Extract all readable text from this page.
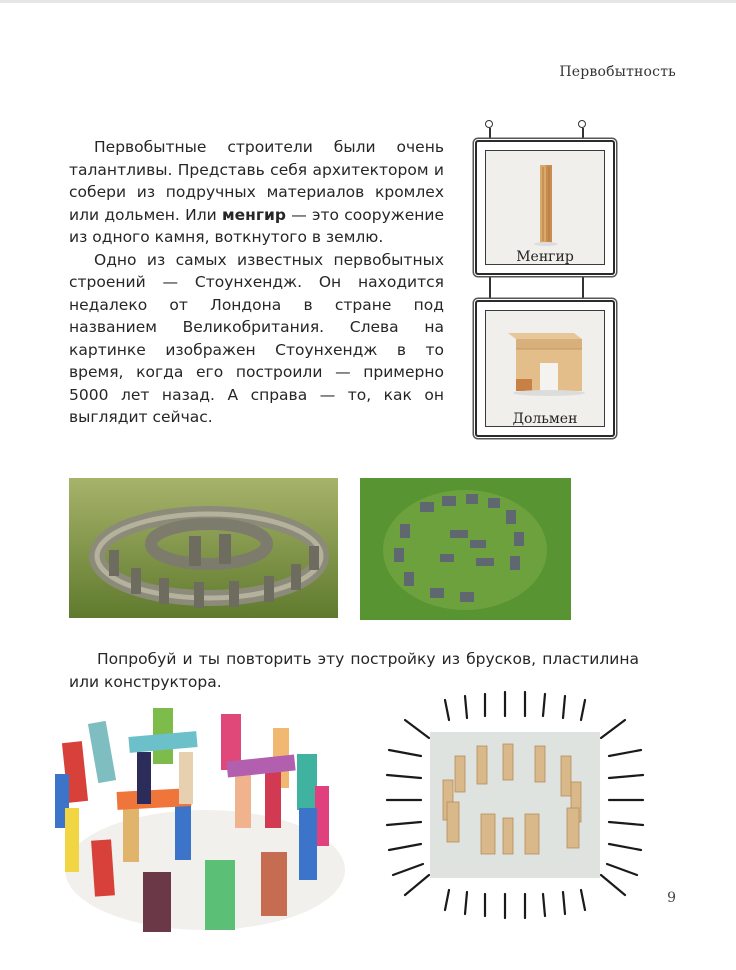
Первобытность

Первобытные строители были очень талантливы. Представь себя архитектором и собери из подручных материалов кромлех или дольмен. Или менгир — это сооружение из одного камня, воткнутого в землю.

Одно из самых известных первобытных строений — Стоунхендж. Он находится недалеко от Лондона в стране под названием Великобритания. Слева на картинке изображен Стоунхендж в то время, когда его построили — примерно 5000 лет назад. А справа — то, как он выглядит сейчас.

Менгир
Дольмен

Попробуй и ты повторить эту постройку из брусков, пластилина или конструктора.

9
